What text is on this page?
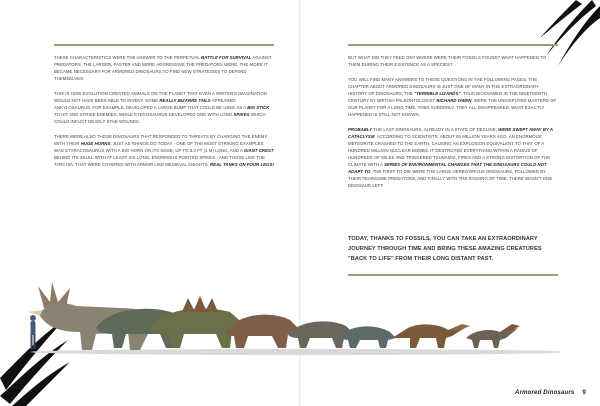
THESE CHARACTERISTICS WERE THE ANSWER TO THE PERPETUAL BATTLE FOR SURVIVAL AGAINST PREDATORS. THE LARGER, FASTER AND MORE AGGRESSIVE THE PREDATORS WERE, THE MORE IT BECAME NECESSARY FOR ARMORED DINOSAURS TO FIND NEW STRATEGIES TO DEFEND THEMSELVES.

THIS IS HOW EVOLUTION CREATED ANIMALS ON THE PLANET THAT EVEN A WRITER'S IMAGINATION WOULD NOT HAVE BEEN ABLE TO INVENT. SOME REALLY BIZARRE TAILS APPEARED. ANKYLOSAURUS, FOR EXAMPLE, DEVELOPED A LARGE BUMP THAT COULD BE USED AS A BIG STICK TO HIT AND STRIKE ENEMIES, WHILE STEGOSAURUS DEVELOPED ONE WITH LONG SPIKES WHICH COULD INFLICT DEADLY STAB WOUNDS.

THERE WERE ALSO THOSE DINOSAURS THAT RESPONDED TO THREATS BY CHARGING THE ENEMY WITH THEIR HUGE HORNS, JUST AS RHINOS DO TODAY - ONE OF THE MOST STRIKING EXAMPLES WAS STYRACOSAURUS WITH A BIG HORN ON ITS NOSE, UP TO 3.3 FT (1 M) LONG, AND A GIANT CREST BEHIND ITS SKULL WITH AT LEAST SIX LONG, ENORMOUS POINTED SPIKES - AND THOSE LIKE THE TARCHIA, THAT WERE COVERED WITH ARMOR LIKE MEDIEVAL KNIGHTS. REAL TANKS ON FOUR LEGS!

BUT WHAT DID THEY FEED ON? WHERE WERE THEIR FOSSILS FOUND? WHAT HAPPENED TO THEM DURING THEIR EXISTENCE AS A SPECIES?

YOU WILL FIND MANY ANSWERS TO THESE QUESTIONS IN THE FOLLOWING PAGES. THE CHAPTER ABOUT ARMORED DINOSAURS IS JUST ONE OF MANY IN THE EXTRAORDINARY HISTORY OF DINOSAURS, THE "TERRIBLE LIZARDS", THUS NICKNAMED IN THE NINETEENTH CENTURY BY BRITISH PALEONTOLOGIST RICHARD OWEN, WERE THE UNDISPUTED MASTERS OF OUR PLANET FOR A LONG TIME. THEN SUDDENLY, THEY ALL DISAPPEARED. WHAT EXACTLY HAPPENED IS STILL NOT KNOWN.

PROBABLY THE LAST DINOSAURS, ALREADY IN A STATE OF DECLINE, WERE SWEPT AWAY BY A CATACLYSM. ACCORDING TO SCIENTISTS, ABOUT 65 MILLION YEARS AGO, AN ENORMOUS METEORITE CRASHED TO THE EARTH, CAUSING AN EXPLOSION EQUIVALENT TO THAT OF A HUNDRED MILLION NUCLEAR BOMBS. IT DESTROYED EVERYTHING WITHIN A RADIUS OF HUNDREDS OF MILES AND TRIGGERED TSUNAMIS, FIRES AND A STRONG DISTORTION OF THE CLIMATE WITH A SERIES OF ENVIRONMENTAL CHANGES THAT THE DINOSAURS COULD NOT ADAPT TO. THE FIRST TO DIE WERE THE LARGE HERBIVOROUS DINOSAURS, FOLLOWED BY THEIR FEARSOME PREDATORS, AND FINALLY WITH THE PASSING OF TIME, THERE WASN'T ONE DINOSAUR LEFT.

TODAY, THANKS TO FOSSILS, YOU CAN TAKE AN EXTRAORDINARY JOURNEY THROUGH TIME AND BRING THESE AMAZING CREATURES "BACK TO LIFE" FROM THEIR LONG DISTANT PAST.
Armored Dinosaurs 9
